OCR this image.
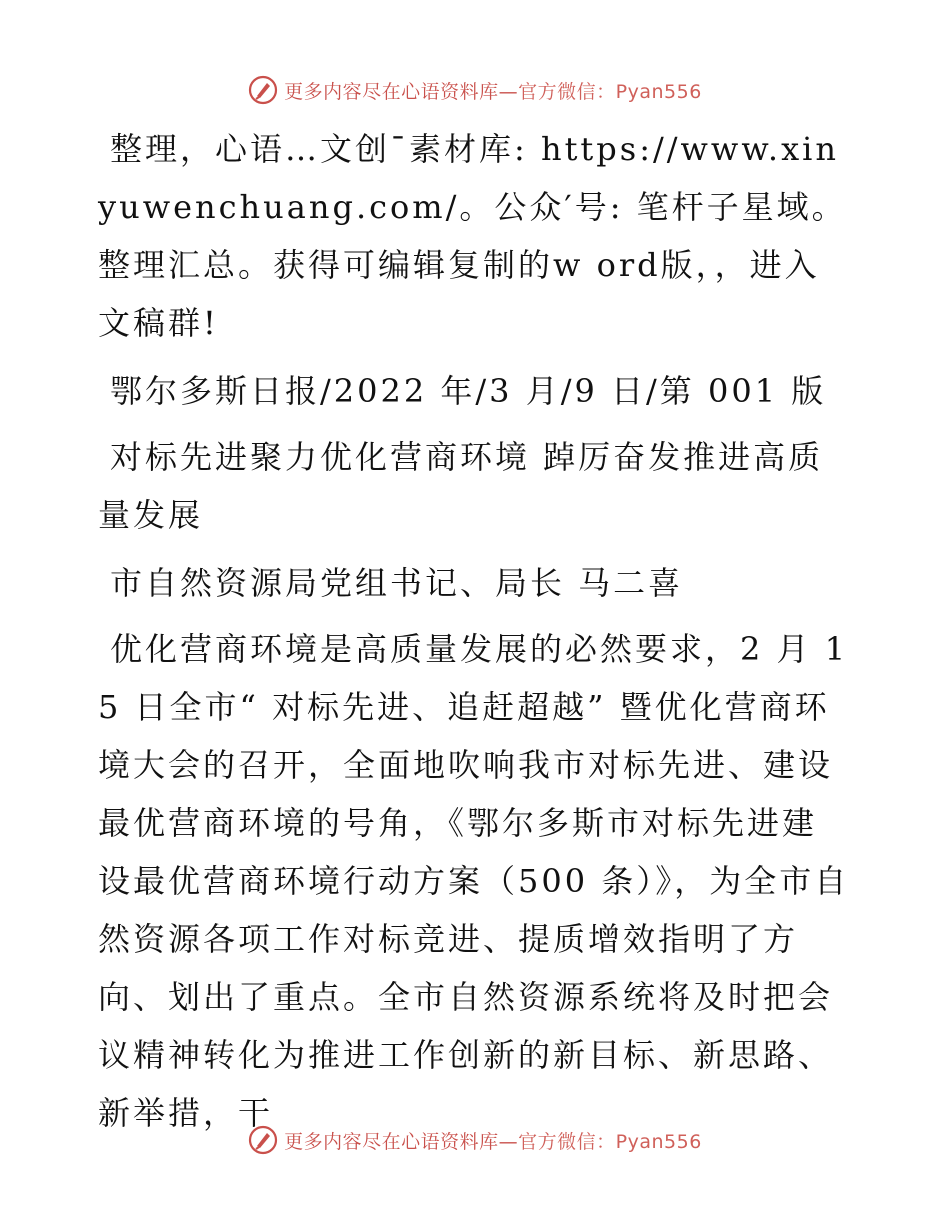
更多内容尽在心语资料库—官方微信：Pyan556

整理，心语…文创¯素材库: https://www.xinyuwenchuang.com/。公众′号: 笔杆子星域。整理汇总。获得可编辑复制的w ord版，，进入文稿群!

鄂尔多斯日报/2022 年/3 月/9 日/第 001 版

对标先进聚力优化营商环境 踔厉奋发推进高质量发展

市自然资源局党组书记、局长 马二喜

优化营商环境是高质量发展的必然要求，2 月 15 日全市“ 对标先进、追赶超越” 暨优化营商环境大会的召开，全面地吹响我市对标先进、建设最优营商环境的号角，《鄂尔多斯市对标先进建设最优营商环境行动方案（500 条）》，为全市自然资源各项工作对标竞进、提质增效指明了方向、划出了重点。全市自然资源系统将及时把会议精神转化为推进工作创新的新目标、新思路、新举措，干

更多内容尽在心语资料库—官方微信：Pyan556
